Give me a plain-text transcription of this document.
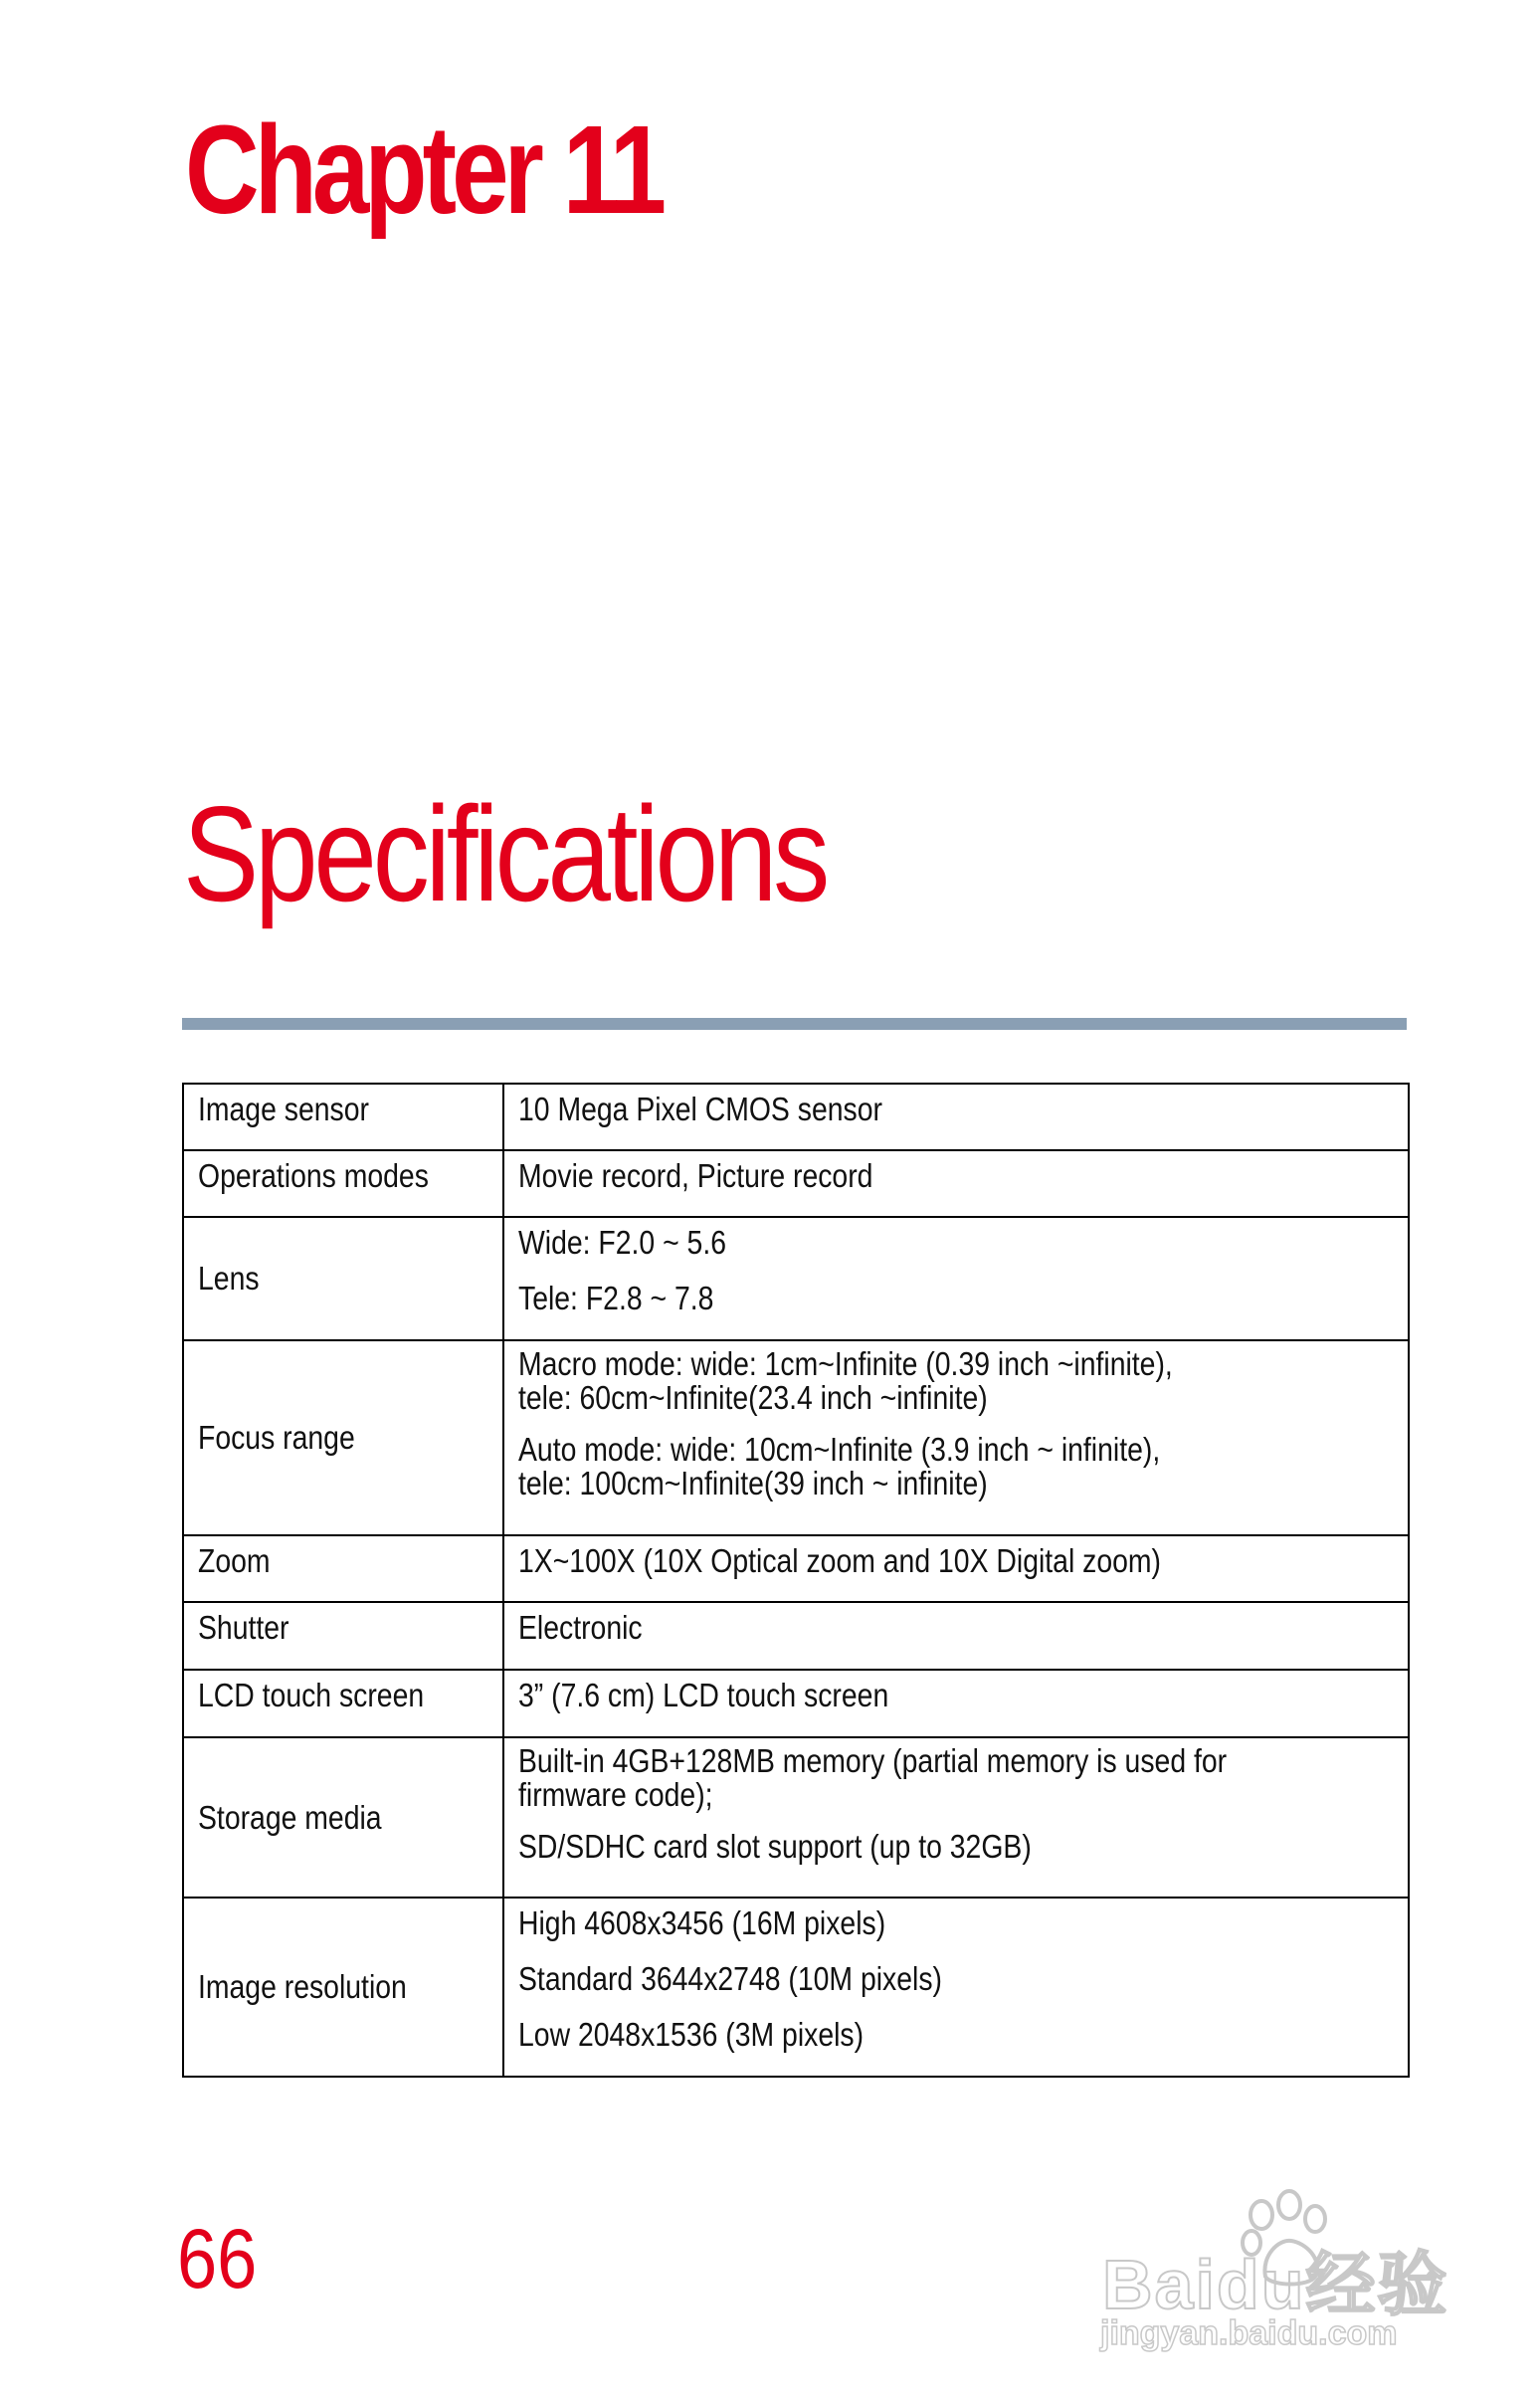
Chapter 11
Specifications
Image sensor	10 Mega Pixel CMOS sensor
Operations modes	Movie record, Picture record
Lens	Wide: F2.0 ~ 5.6

Tele: F2.8 ~ 7.8

Focus range	Macro mode: wide: 1cm~Infinite (0.39 inch ~infinite),
tele: 60cm~Infinite(23.4 inch ~infinite)

Auto mode: wide: 10cm~Infinite (3.9 inch ~ infinite),
tele: 100cm~Infinite(39 inch ~ infinite)

Zoom	1X~100X (10X Optical zoom and 10X Digital zoom)
Shutter	Electronic
LCD touch screen	3” (7.6 cm) LCD touch screen
Storage media	Built-in 4GB+128MB memory (partial memory is used for
firmware code);

SD/SDHC card slot support (up to 32GB)

Image resolution	High 4608x3456 (16M pixels)

Standard 3644x2748 (10M pixels)

Low 2048x1536 (3M pixels)

66	Baidu经验
jingyan.baidu.com
